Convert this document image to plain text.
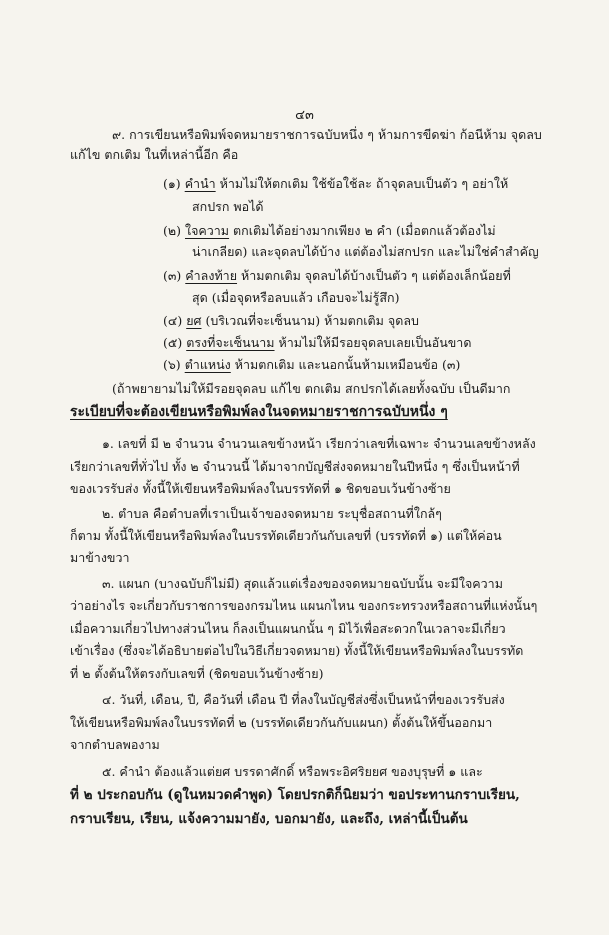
๔๓
๙. การเขียนหรือพิมพ์จดหมายราชการฉบับหนึ่ง ๆ ห้ามการขีดฆ่า ก้อนีห้าม จุดลบ
แก้ไข ตกเติม ในที่เหล่านี้อีก คือ
(๑) คำนำ ห้ามไม่ให้ตกเติม ใช้ข้อใช้ละ ถ้าจุดลบเป็นตัว ๆ อย่าให้
สกปรก พอได้
(๒) ใจความ ตกเติมได้อย่างมากเพียง ๒ คำ (เมื่อตกแล้วต้องไม่
น่าเกลียด) และจุดลบได้บ้าง แต่ต้องไม่สกปรก และไม่ใช่คำสำคัญ
(๓) คำลงท้าย ห้ามตกเติม จุดลบได้บ้างเป็นตัว ๆ แต่ต้องเล็กน้อยที่
สุด (เมื่อจุดหรือลบแล้ว เกือบจะไม่รู้สึก)
(๔) ยศ (บริเวณที่จะเซ็นนาม) ห้ามตกเติม จุดลบ
(๕) ตรงที่จะเซ็นนาม ห้ามไม่ให้มีรอยจุดลบเลยเป็นอันขาด
(๖) ตำแหน่ง ห้ามตกเติม และนอกนั้นห้ามเหมือนข้อ (๓)
(ถ้าพยายามไม่ให้มีรอยจุดลบ แก้ไข ตกเติม สกปรกได้เลยทั้งฉบับ เป็นดีมาก
ระเบียบที่จะต้องเขียนหรือพิมพ์ลงในจดหมายราชการฉบับหนึ่ง ๆ
๑. เลขที่ มี ๒ จำนวน จำนวนเลขข้างหน้า เรียกว่าเลขที่เฉพาะ จำนวนเลขข้างหลัง
เรียกว่าเลขที่ทั่วไป ทั้ง ๒ จำนวนนี้ ได้มาจากบัญชีส่งจดหมายในปีหนึ่ง ๆ ซึ่งเป็นหน้าที่
ของเวรรับส่ง ทั้งนี้ให้เขียนหรือพิมพ์ลงในบรรทัดที่ ๑ ชิดขอบเว้นข้างซ้าย
๒. ตำบล คือตำบลที่เราเป็นเจ้าของจดหมาย ระบุชื่อสถานที่ใกล้ๆ
ก็ตาม ทั้งนี้ให้เขียนหรือพิมพ์ลงในบรรทัดเดียวกันกับเลขที่ (บรรทัดที่ ๑) แต่ให้ค่อน
มาข้างขวา
๓. แผนก (บางฉบับก็ไม่มี) สุดแล้วแต่เรื่องของจดหมายฉบับนั้น จะมีใจความ
ว่าอย่างไร จะเกี่ยวกับราชการของกรมไหน แผนกไหน ของกระทรวงหรือสถานที่แห่งนั้นๆ
เมื่อความเกี่ยวไปทางส่วนไหน ก็ลงเป็นแผนกนั้น ๆ มิไว้เพื่อสะดวกในเวลาจะมีเกี่ยว
เข้าเรื่อง (ซึ่งจะได้อธิบายต่อไปในวิธีเกี่ยวจดหมาย) ทั้งนี้ให้เขียนหรือพิมพ์ลงในบรรทัด
ที่ ๒ ตั้งต้นให้ตรงกับเลขที่ (ชิดขอบเว้นข้างซ้าย)
๔. วันที่, เดือน, ปี, คือวันที่ เดือน ปี ที่ลงในบัญชีส่งซึ่งเป็นหน้าที่ของเวรรับส่ง
ให้เขียนหรือพิมพ์ลงในบรรทัดที่ ๒ (บรรทัดเดียวกันกับแผนก) ตั้งต้นให้ขึ้นออกมา
จากตำบลพองาม
๕. คำนำ ต้องแล้วแต่ยศ บรรดาศักดิ์ หรือพระอิศริยยศ ของบุรุษที่ ๑ และ
ที่ ๒ ประกอบกัน (ดูในหมวดคำพูด) โดยปรกติก็นิยมว่า ขอประทานกราบเรียน,
กราบเรียน, เรียน, แจ้งความมายัง, บอกมายัง, และถึง, เหล่านี้เป็นต้น
